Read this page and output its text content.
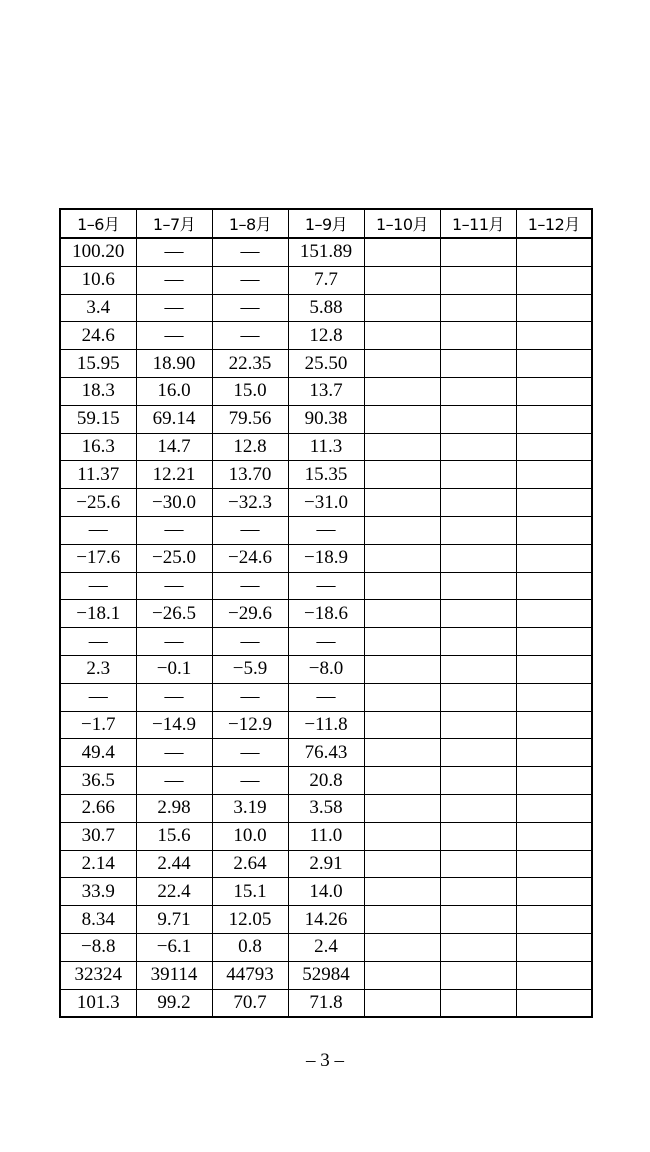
1–6月	1–7月	1–8月	1–9月	1–10月	1–11月	1–12月
100.20	—	—	151.89			
10.6	—	—	7.7			
3.4	—	—	5.88			
24.6	—	—	12.8			
15.95	18.90	22.35	25.50			
18.3	16.0	15.0	13.7			
59.15	69.14	79.56	90.38			
16.3	14.7	12.8	11.3			
11.37	12.21	13.70	15.35			
−25.6	−30.0	−32.3	−31.0			
—	—	—	—			
−17.6	−25.0	−24.6	−18.9			
—	—	—	—			
−18.1	−26.5	−29.6	−18.6			
—	—	—	—			
2.3	−0.1	−5.9	−8.0			
—	—	—	—			
−1.7	−14.9	−12.9	−11.8			
49.4	—	—	76.43			
36.5	—	—	20.8			
2.66	2.98	3.19	3.58			
30.7	15.6	10.0	11.0			
2.14	2.44	2.64	2.91			
33.9	22.4	15.1	14.0			
8.34	9.71	12.05	14.26			
−8.8	−6.1	0.8	2.4			
32324	39114	44793	52984			
101.3	99.2	70.7	71.8			
– 3 –
